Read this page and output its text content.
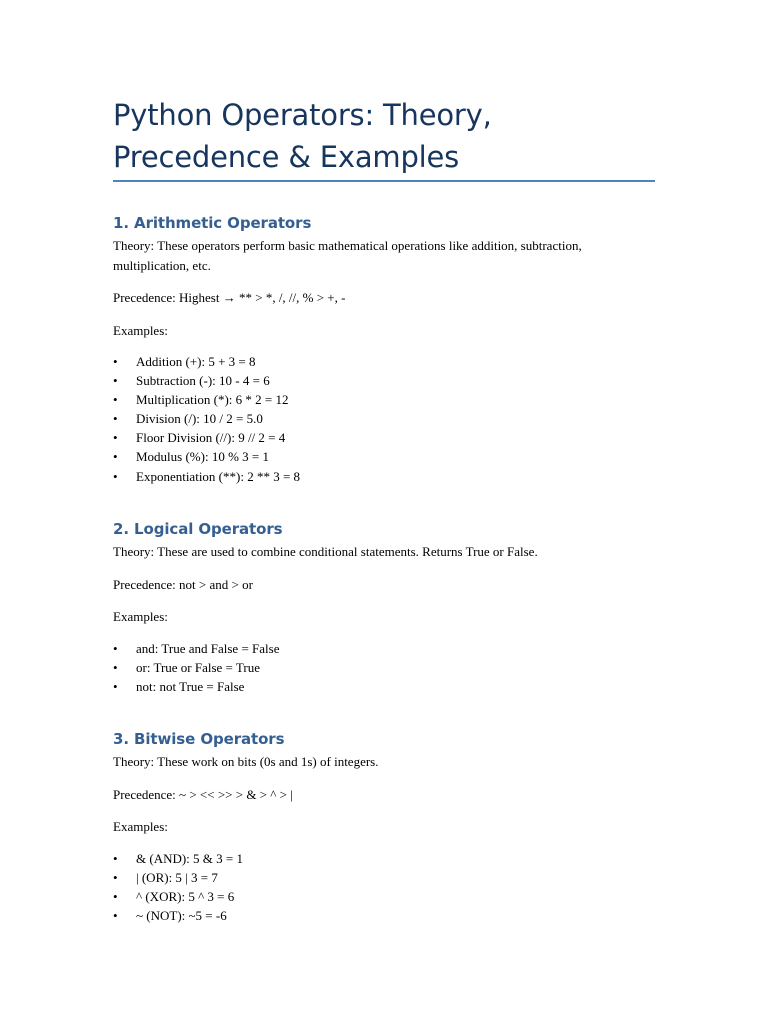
Python Operators: Theory, Precedence & Examples
1. Arithmetic Operators

Theory: These operators perform basic mathematical operations like addition, subtraction, multiplication, etc.

Precedence: Highest → ** > *, /, //, % > +, -

Examples:

• Addition (+): 5 + 3 = 8
• Subtraction (-): 10 - 4 = 6
• Multiplication (*): 6 * 2 = 12
• Division (/): 10 / 2 = 5.0
• Floor Division (//): 9 // 2 = 4
• Modulus (%): 10 % 3 = 1
• Exponentiation (**): 2 ** 3 = 8
2. Logical Operators

Theory: These are used to combine conditional statements. Returns True or False.

Precedence: not > and > or

Examples:

• and: True and False = False
• or: True or False = True
• not: not True = False
3. Bitwise Operators

Theory: These work on bits (0s and 1s) of integers.

Precedence: ~ > << >> > & > ^ > |

Examples:

• & (AND): 5 & 3 = 1
• | (OR): 5 | 3 = 7
• ^ (XOR): 5 ^ 3 = 6
• ~ (NOT): ~5 = -6
